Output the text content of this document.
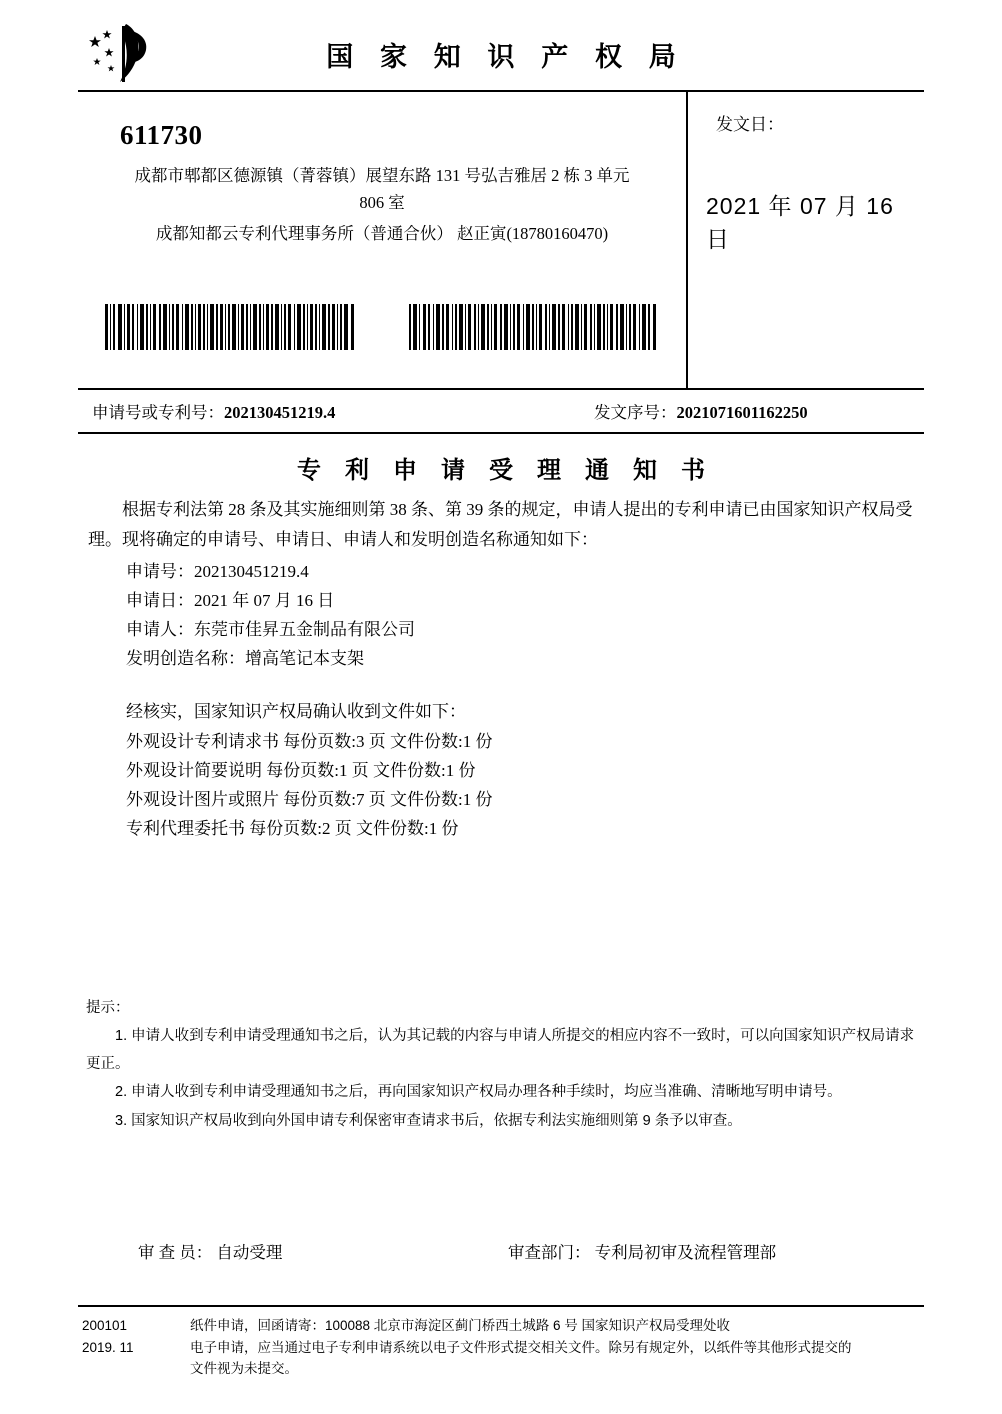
国 家 知 识 产 权 局
611730
成都市郫都区德源镇（菁蓉镇）展望东路 131 号弘吉雅居 2 栋 3 单元
806 室
成都知都云专利代理事务所（普通合伙） 赵正寅(18780160470)
发文日：
2021 年 07 月 16 日
申请号或专利号：202130451219.4	发文序号：2021071601162250
专 利 申 请 受 理 通 知 书

根据专利法第 28 条及其实施细则第 38 条、第 39 条的规定，申请人提出的专利申请已由国家知识产权局受理。现将确定的申请号、申请日、申请人和发明创造名称通知如下：

申请号：202130451219.4
申请日：2021 年 07 月 16 日
申请人：东莞市佳昇五金制品有限公司
发明创造名称：增高笔记本支架
经核实，国家知识产权局确认收到文件如下：
外观设计专利请求书 每份页数:3 页 文件份数:1 份
外观设计简要说明 每份页数:1 页 文件份数:1 份
外观设计图片或照片 每份页数:7 页 文件份数:1 份
专利代理委托书 每份页数:2 页 文件份数:1 份
提示：
1. 申请人收到专利申请受理通知书之后，认为其记载的内容与申请人所提交的相应内容不一致时，可以向国家知识产权局请求更正。
2. 申请人收到专利申请受理通知书之后，再向国家知识产权局办理各种手续时，均应当准确、清晰地写明申请号。
3. 国家知识产权局收到向外国申请专利保密审查请求书后，依据专利法实施细则第 9 条予以审查。
审 查 员： 自动受理	审查部门： 专利局初审及流程管理部
200101
2019. 11
纸件申请，回函请寄：100088 北京市海淀区蓟门桥西土城路 6 号 国家知识产权局受理处收
电子申请，应当通过电子专利申请系统以电子文件形式提交相关文件。除另有规定外，以纸件等其他形式提交的
文件视为未提交。
